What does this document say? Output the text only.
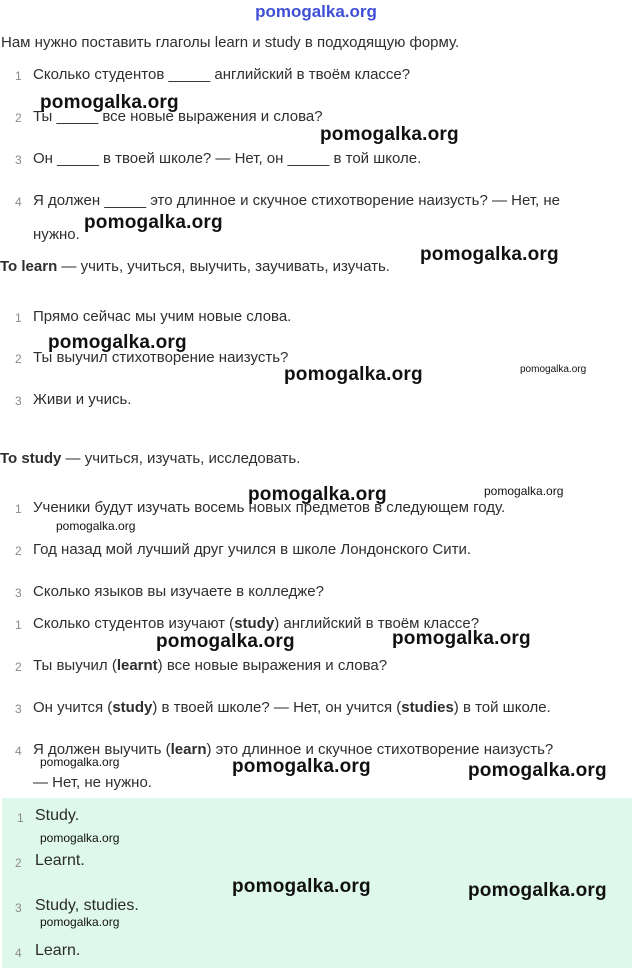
pomogalka.org
Нам нужно поставить глаголы learn и study в подходящую форму.
1 Сколько студентов _____ английский в твоём классе?
2 Ты _____ все новые выражения и слова?
3 Он _____ в твоей школе? — Нет, он _____ в той школе.
4 Я должен _____ это длинное и скучное стихотворение наизусть? — Нет, не
нужно.
To learn — учить, учиться, выучить, заучивать, изучать.
1 Прямо сейчас мы учим новые слова.
2 Ты выучил стихотворение наизусть?
3 Живи и учись.
To study — учиться, изучать, исследовать.
1 Ученики будут изучать восемь новых предметов в следующем году.
2 Год назад мой лучший друг учился в школе Лондонского Сити.
3 Сколько языков вы изучаете в колледже?
1 Сколько студентов изучают (study) английский в твоём классе?
2 Ты выучил (learnt) все новые выражения и слова?
3 Он учится (study) в твоей школе? — Нет, он учится (studies) в той школе.
4 Я должен выучить (learn) это длинное и скучное стихотворение наизусть?
— Нет, не нужно.
1 Study.
2 Learnt.
3 Study, studies.
4 Learn.
pomogalka.org
pomogalka.org
pomogalka.org
pomogalka.org
pomogalka.org
pomogalka.org	pomogalka.org
pomogalka.org	pomogalka.org
pomogalka.org
pomogalka.org	pomogalka.org
pomogalka.org	pomogalka.org	pomogalka.org
pomogalka.org
pomogalka.org	pomogalka.org
pomogalka.org
